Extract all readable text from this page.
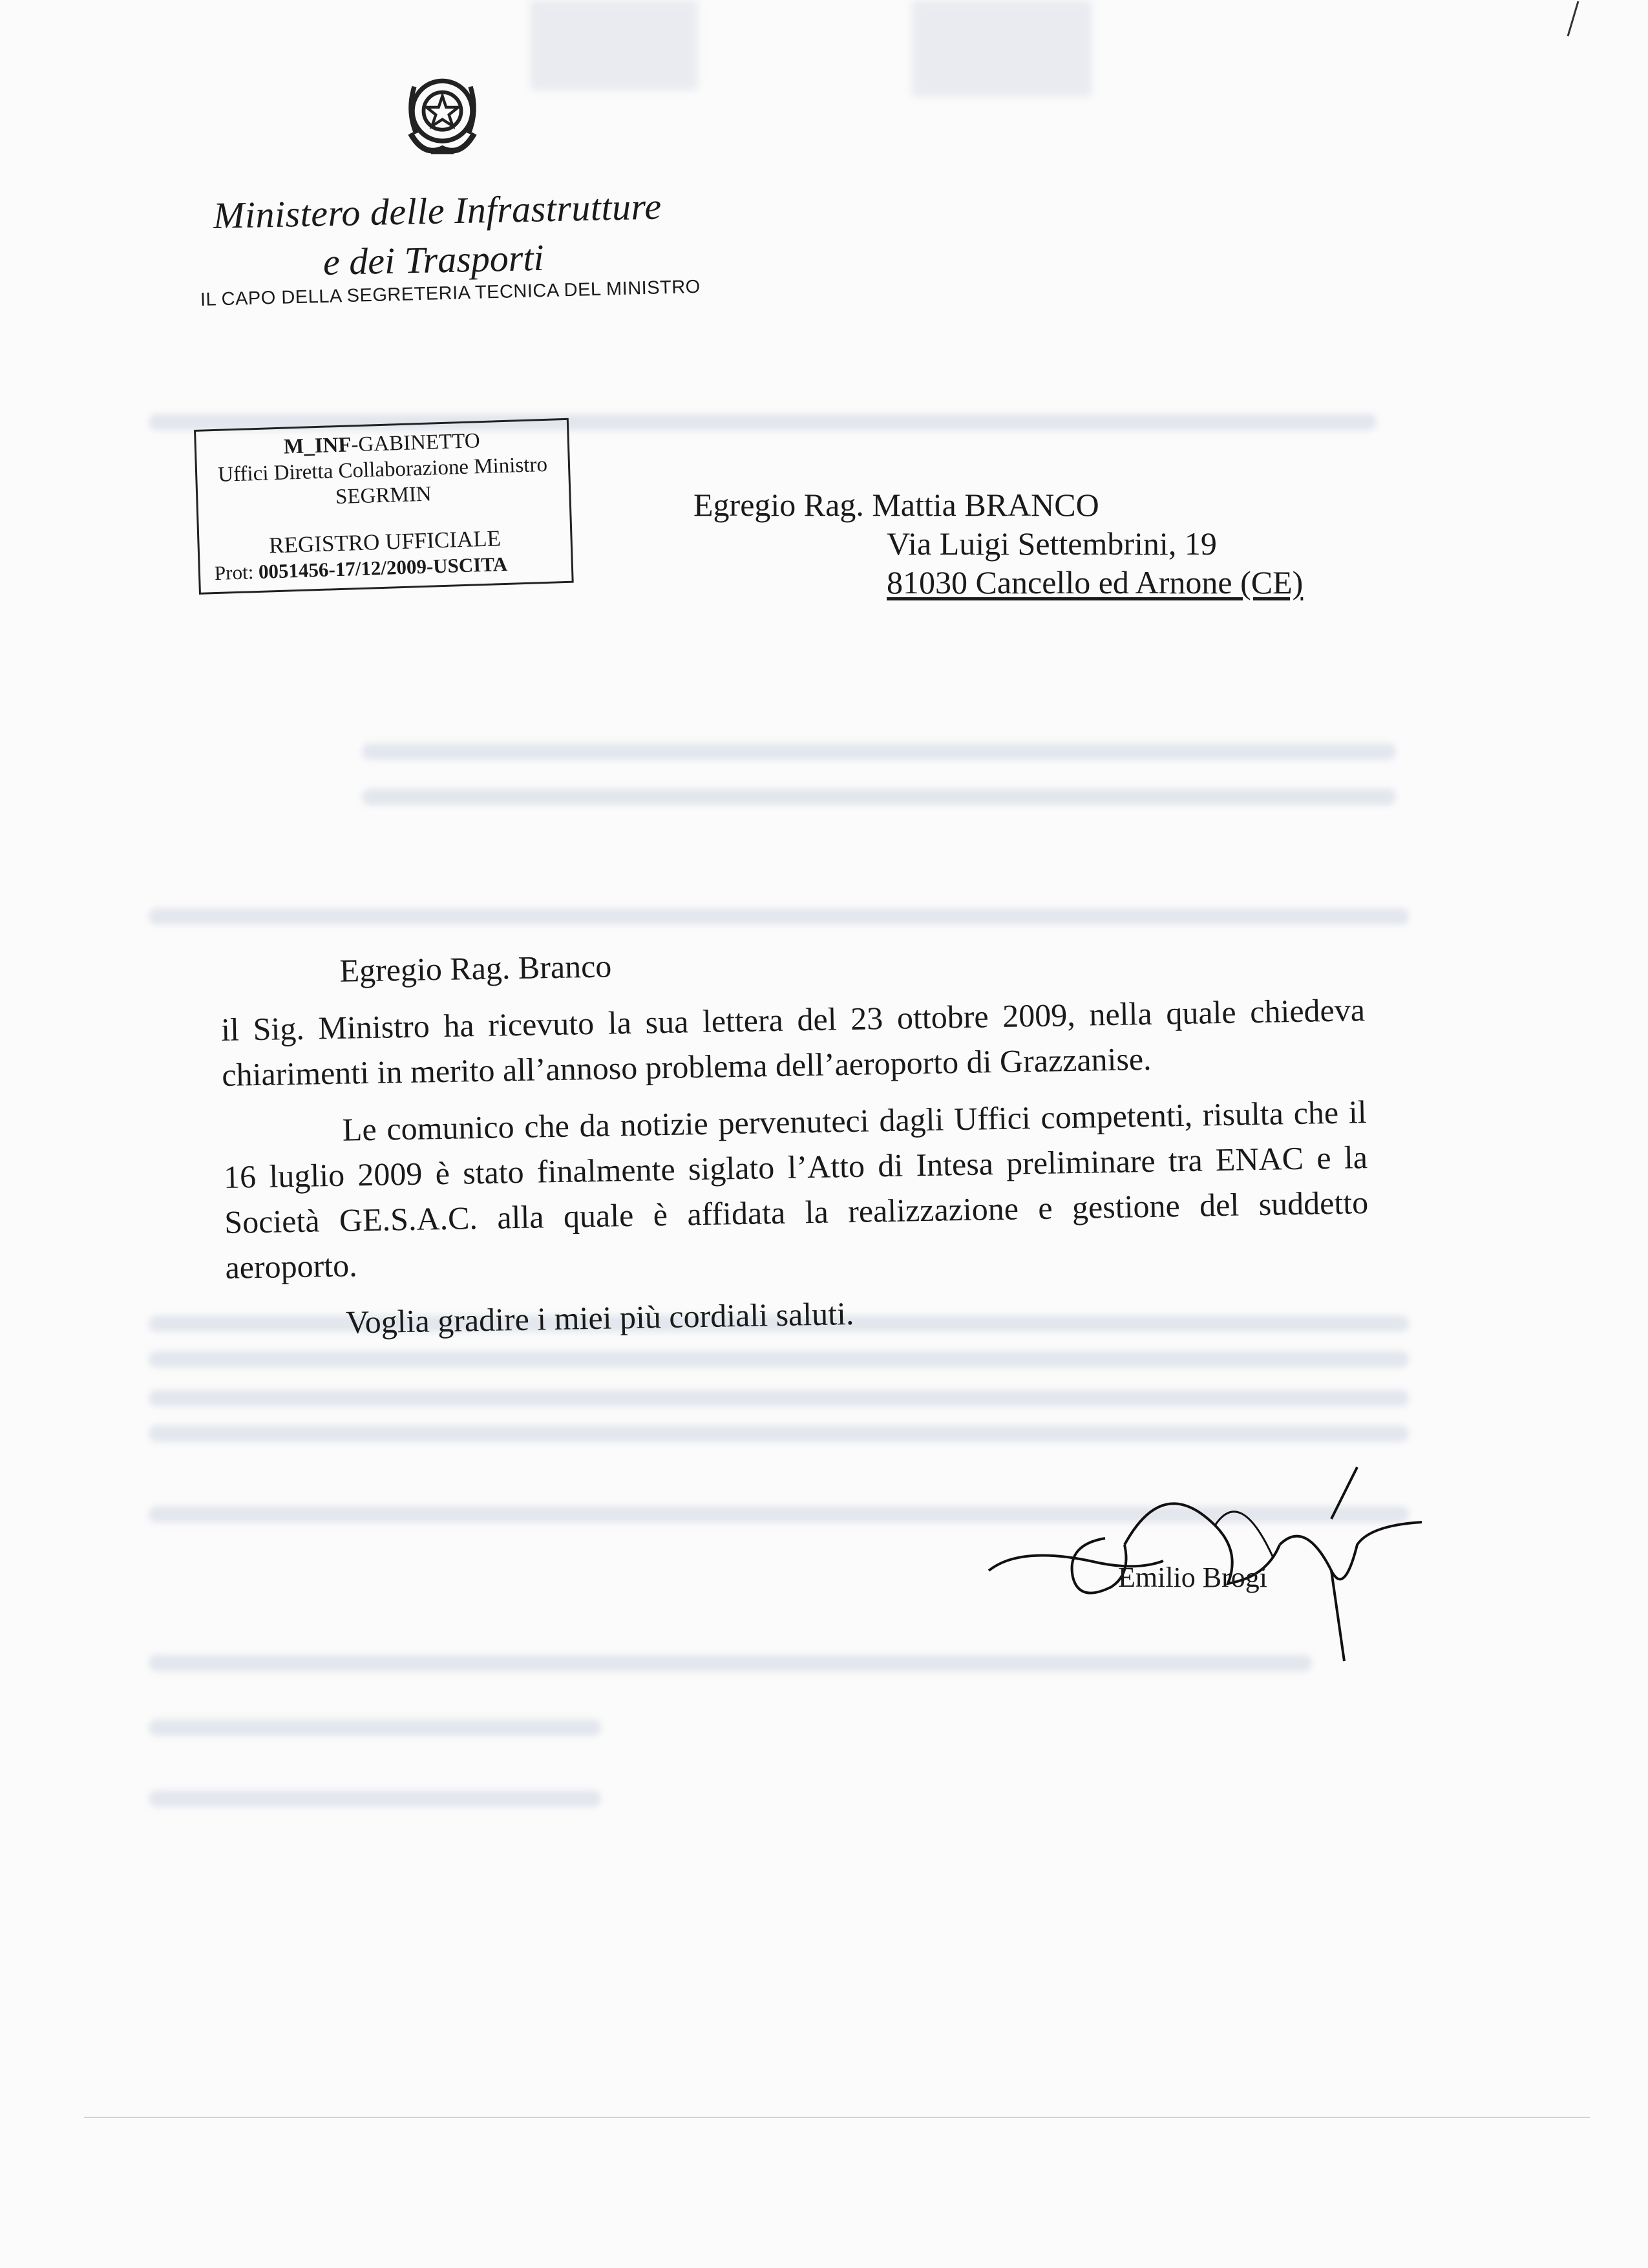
Ministero delle Infrastrutture
e dei Trasporti
IL CAPO DELLA SEGRETERIA TECNICA DEL MINISTRO
M_INF-GABINETTO
Uffici Diretta Collaborazione Ministro
SEGRMIN
REGISTRO UFFICIALE
Prot: 0051456-17/12/2009-USCITA
Egregio Rag. Mattia BRANCO
Via Luigi Settembrini, 19
81030 Cancello ed Arnone (CE)
Egregio Rag. Branco

il Sig. Ministro ha ricevuto la sua lettera del 23 ottobre 2009, nella quale chiedeva chiarimenti in merito all’annoso problema dell’aeroporto di Grazzanise.

Le comunico che da notizie pervenuteci dagli Uffici competenti, risulta che il 16 luglio 2009 è stato finalmente siglato l’Atto di Intesa preliminare tra ENAC e la Società GE.S.A.C. alla quale è affidata la realizzazione e gestione del suddetto aeroporto.

Voglia gradire i miei più cordiali saluti.
Emilio Brogi
